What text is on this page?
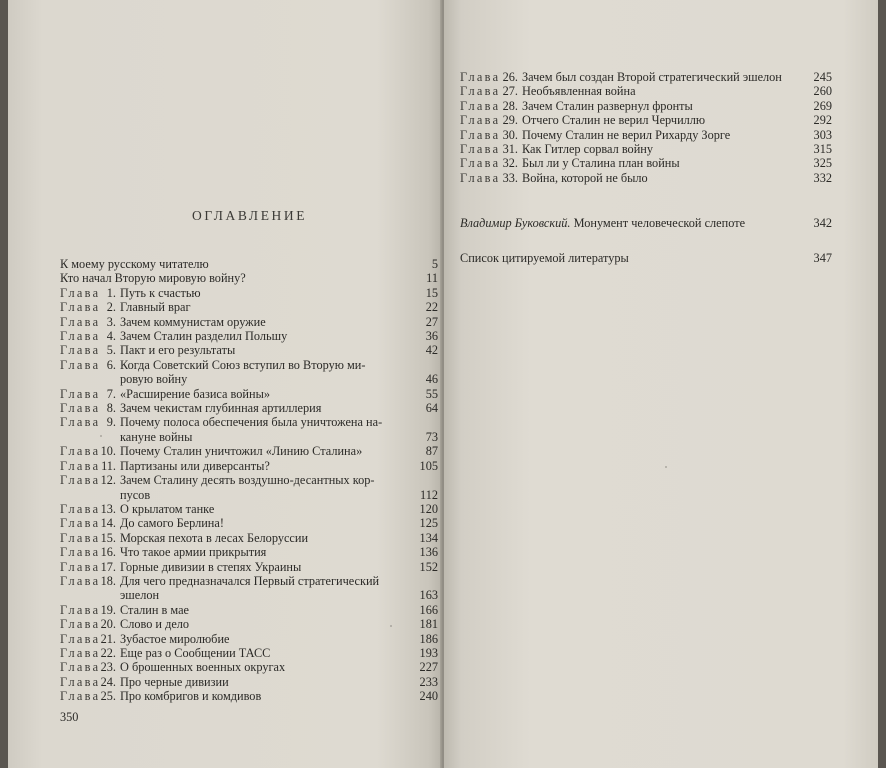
ОГЛАВЛЕНИЕ
К моему русскому читателю	5
Кто начал Вторую мировую войну?	11
Глава 1. Путь к счастью	15
Глава 2. Главный враг	22
Глава 3. Зачем коммунистам оружие	27
Глава 4. Зачем Сталин разделил Польшу	36
Глава 5. Пакт и его результаты	42
Глава 6. Когда Советский Союз вступил во Вторую ми-
ровую войну	46
Глава 7. «Расширение базиса войны»	55
Глава 8. Зачем чекистам глубинная артиллерия	64
Глава 9. Почему полоса обеспечения была уничтожена на-
кануне войны	73
Глава 10. Почему Сталин уничтожил «Линию Сталина»	87
Глава 11. Партизаны или диверсанты?	105
Глава 12. Зачем Сталину десять воздушно-десантных кор-
пусов	112
Глава 13. О крылатом танке	120
Глава 14. До самого Берлина!	125
Глава 15. Морская пехота в лесах Белоруссии	134
Глава 16. Что такое армии прикрытия	136
Глава 17. Горные дивизии в степях Украины	152
Глава 18. Для чего предназначался Первый стратегический
эшелон	163
Глава 19. Сталин в мае	166
Глава 20. Слово и дело	181
Глава 21. Зубастое миролюбие	186
Глава 22. Еще раз о Сообщении ТАСС	193
Глава 23. О брошенных военных округах	227
Глава 24. Про черные дивизии	233
Глава 25. Про комбригов и комдивов	240
Глава 26. Зачем был создан Второй стратегический эшелон	245
Глава 27. Необъявленная война	260
Глава 28. Зачем Сталин развернул фронты	269
Глава 29. Отчего Сталин не верил Черчиллю	292
Глава 30. Почему Сталин не верил Рихарду Зорге	303
Глава 31. Как Гитлер сорвал войну	315
Глава 32. Был ли у Сталина план войны	325
Глава 33. Война, которой не было	332
Владимир Буковский. Монумент человеческой слепоте	342
Список цитируемой литературы	347
350
